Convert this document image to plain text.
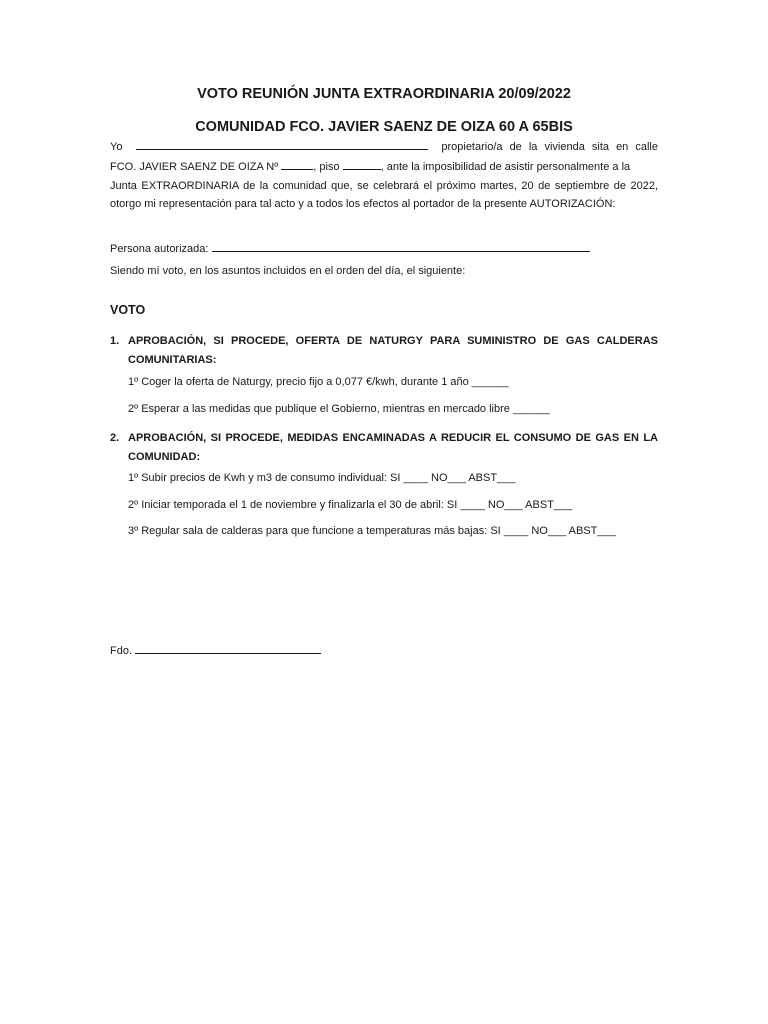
VOTO REUNIÓN JUNTA EXTRAORDINARIA 20/09/2022
COMUNIDAD FCO. JAVIER SAENZ DE OIZA 60 A 65BIS
Yo	propietario/a de la vivienda sita en calle
FCO. JAVIER SAENZ DE OIZA Nº	, piso	, ante la imposibilidad de asistir personalmente a la
Junta EXTRAORDINARIA de la comunidad que, se celebrará el próximo martes, 20 de septiembre de 2022, otorgo mi representación para tal acto y a todos los efectos al portador de la presente AUTORIZACIÓN:

Persona autorizada:

Siendo mí voto, en los asuntos incluidos en el orden del día, el siguiente:

VOTO

1. APROBACIÓN, SI PROCEDE, OFERTA DE NATURGY PARA SUMINISTRO DE GAS CALDERAS COMUNITARIAS:

1º Coger la oferta de Naturgy, precio fijo a 0,077 €/kwh, durante 1 año ______

2º Esperar a las medidas que publique el Gobierno, mientras en mercado libre ______

2. APROBACIÓN, SI PROCEDE, MEDIDAS ENCAMINADAS A REDUCIR EL CONSUMO DE GAS EN LA COMUNIDAD:

1º Subir precios de Kwh y m3 de consumo individual: SI ____ NO___ ABST___

2º Iniciar temporada el 1 de noviembre y finalizarla el 30 de abril: SI ____ NO___ ABST___

3º Regular sala de calderas para que funcione a temperaturas más bajas: SI ____ NO___ ABST___

Fdo.
